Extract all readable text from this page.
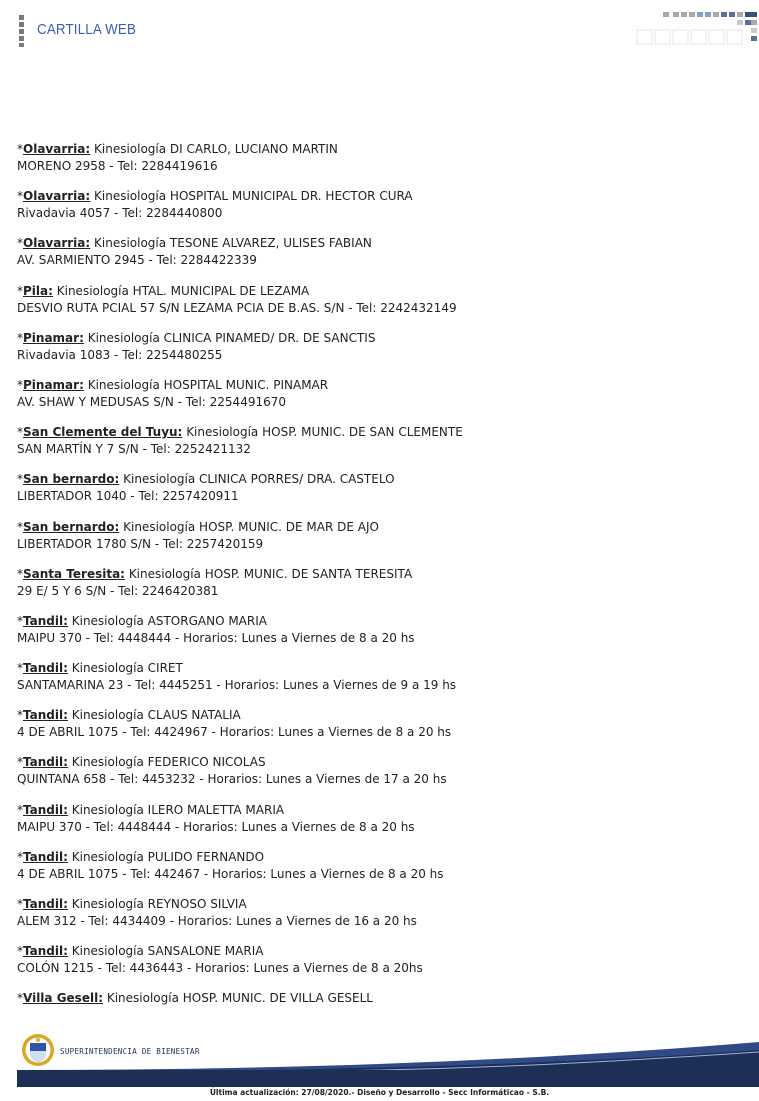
CARTILLA WEB
*Olavarria: Kinesiología DI CARLO, LUCIANO MARTIN
MORENO 2958 - Tel: 2284419616
*Olavarria: Kinesiología HOSPITAL MUNICIPAL DR. HECTOR CURA
Rivadavia 4057 - Tel: 2284440800
*Olavarria: Kinesiología TESONE ALVAREZ, ULISES FABIAN
AV. SARMIENTO 2945 - Tel: 2284422339
*Pila: Kinesiología HTAL. MUNICIPAL DE LEZAMA
DESVIO RUTA PCIAL 57 S/N LEZAMA PCIA DE B.AS. S/N - Tel: 2242432149
*Pinamar: Kinesiología CLINICA PINAMED/ DR. DE SANCTIS
Rivadavia 1083 - Tel: 2254480255
*Pinamar: Kinesiología HOSPITAL MUNIC. PINAMAR
AV. SHAW Y MEDUSAS S/N - Tel: 2254491670
*San Clemente del Tuyu: Kinesiología HOSP. MUNIC. DE SAN CLEMENTE
SAN MARTÍN Y 7 S/N - Tel: 2252421132
*San bernardo: Kinesiología CLINICA PORRES/ DRA. CASTELO
LIBERTADOR 1040 - Tel: 2257420911
*San bernardo: Kinesiología HOSP. MUNIC. DE MAR DE AJO
LIBERTADOR 1780 S/N - Tel: 2257420159
*Santa Teresita: Kinesiología HOSP. MUNIC. DE SANTA TERESITA
29 E/ 5 Y 6 S/N - Tel: 2246420381
*Tandil: Kinesiología ASTORGANO MARIA
MAIPU 370 - Tel: 4448444 - Horarios: Lunes a Viernes de 8 a 20 hs
*Tandil: Kinesiología CIRET
SANTAMARINA 23 - Tel: 4445251 - Horarios: Lunes a Viernes de 9 a 19 hs
*Tandil: Kinesiología CLAUS NATALIA
4 DE ABRIL 1075 - Tel: 4424967 - Horarios: Lunes a Viernes de 8 a 20 hs
*Tandil: Kinesiología FEDERICO NICOLAS
QUINTANA 658 - Tel: 4453232 - Horarios: Lunes a Viernes de 17 a 20 hs
*Tandil: Kinesiología ILERO MALETTA MARIA
MAIPU 370 - Tel: 4448444 - Horarios: Lunes a Viernes de 8 a 20 hs
*Tandil: Kinesiología PULIDO FERNANDO
4 DE ABRIL 1075 - Tel: 442467 - Horarios: Lunes a Viernes de 8 a 20 hs
*Tandil: Kinesiología REYNOSO SILVIA
ALEM 312 - Tel: 4434409 - Horarios: Lunes a Viernes de 16 a 20 hs
*Tandil: Kinesiología SANSALONE MARIA
COLÓN 1215 - Tel: 4436443 - Horarios: Lunes a Viernes de 8 a 20hs
*Villa Gesell: Kinesiología HOSP. MUNIC. DE VILLA GESELL
SUPERINTENDENCIA DE BIENESTAR
Última actualización: 27/08/2020.- Diseño y Desarrollo - Secc Informáticao - S.B.
